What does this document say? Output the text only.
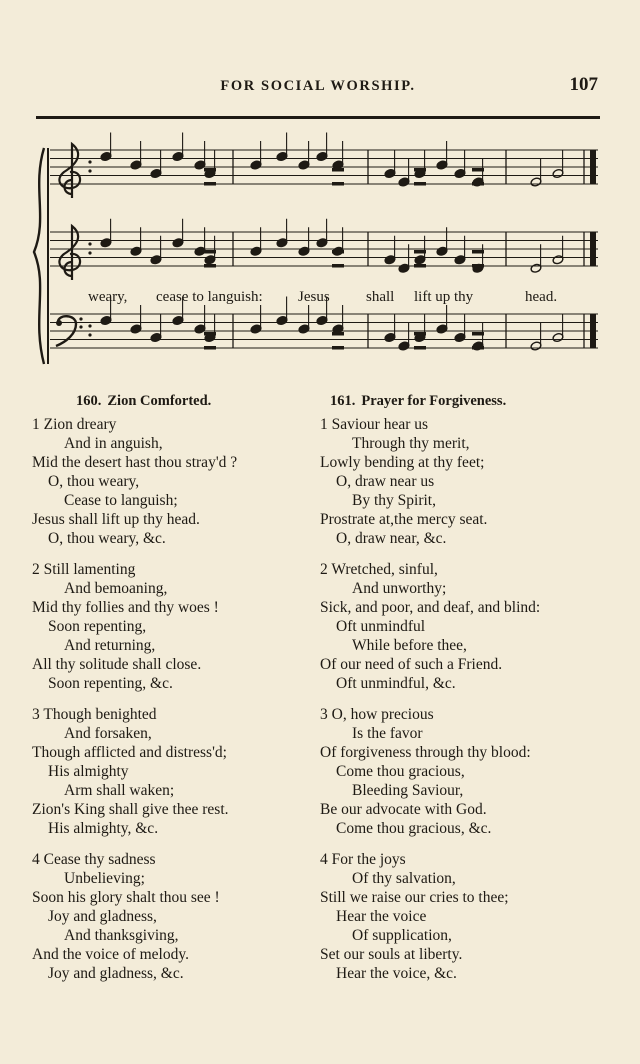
FOR SOCIAL WORSHIP.	107
weary, cease to languish: Jesus shall lift up thy	head.
160. Zion Comforted.
1 Zion dreary
And in anguish,
Mid the desert hast thou stray'd ?
O, thou weary,
Cease to languish;
Jesus shall lift up thy head.
O, thou weary, &c.
2 Still lamenting
And bemoaning,
Mid thy follies and thy woes !
Soon repenting,
And returning,
All thy solitude shall close.
Soon repenting, &c.
3 Though benighted
And forsaken,
Though afflicted and distress'd;
His almighty
Arm shall waken;
Zion's King shall give thee rest.
His almighty, &c.
4 Cease thy sadness
Unbelieving;
Soon his glory shalt thou see !
Joy and gladness,
And thanksgiving,
And the voice of melody.
Joy and gladness, &c.
161. Prayer for Forgiveness.
1 Saviour hear us
Through thy merit,
Lowly bending at thy feet;
O, draw near us
By thy Spirit,
Prostrate at,the mercy seat.
O, draw near, &c.
2 Wretched, sinful,
And unworthy;
Sick, and poor, and deaf, and blind:
Oft unmindful
While before thee,
Of our need of such a Friend.
Oft unmindful, &c.
3 O, how precious
Is the favor
Of forgiveness through thy blood:
Come thou gracious,
Bleeding Saviour,
Be our advocate with God.
Come thou gracious, &c.
4 For the joys
Of thy salvation,
Still we raise our cries to thee;
Hear the voice
Of supplication,
Set our souls at liberty.
Hear the voice, &c.
